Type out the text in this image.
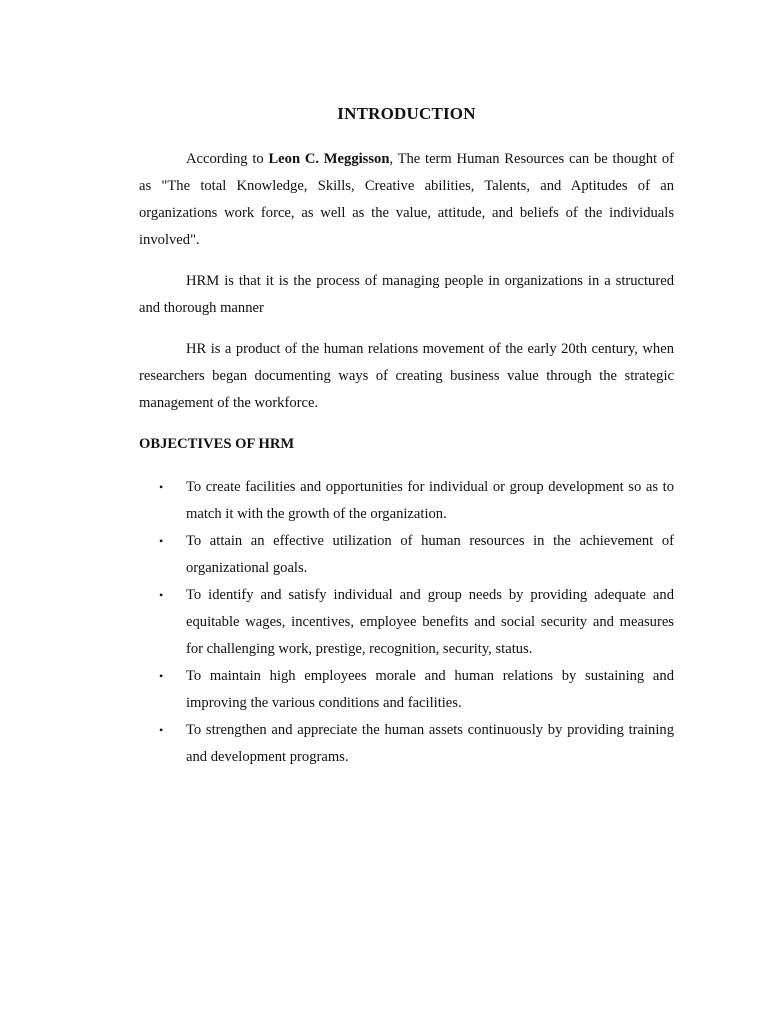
INTRODUCTION

According to Leon C. Meggisson, The term Human Resources can be thought of as "The total Knowledge, Skills, Creative abilities, Talents, and Aptitudes of an organizations work force, as well as the value, attitude, and beliefs of the individuals involved".

HRM is that it is the process of managing people in organizations in a structured and thorough manner

HR is a product of the human relations movement of the early 20th century, when researchers began documenting ways of creating business value through the strategic management of the workforce.

OBJECTIVES OF HRM
• To create facilities and opportunities for individual or group development so as to match it with the growth of the organization.
• To attain an effective utilization of human resources in the achievement of organizational goals.
• To identify and satisfy individual and group needs by providing adequate and equitable wages, incentives, employee benefits and social security and measures for challenging work, prestige, recognition, security, status.
• To maintain high employees morale and human relations by sustaining and improving the various conditions and facilities.
• To strengthen and appreciate the human assets continuously by providing training and development programs.
